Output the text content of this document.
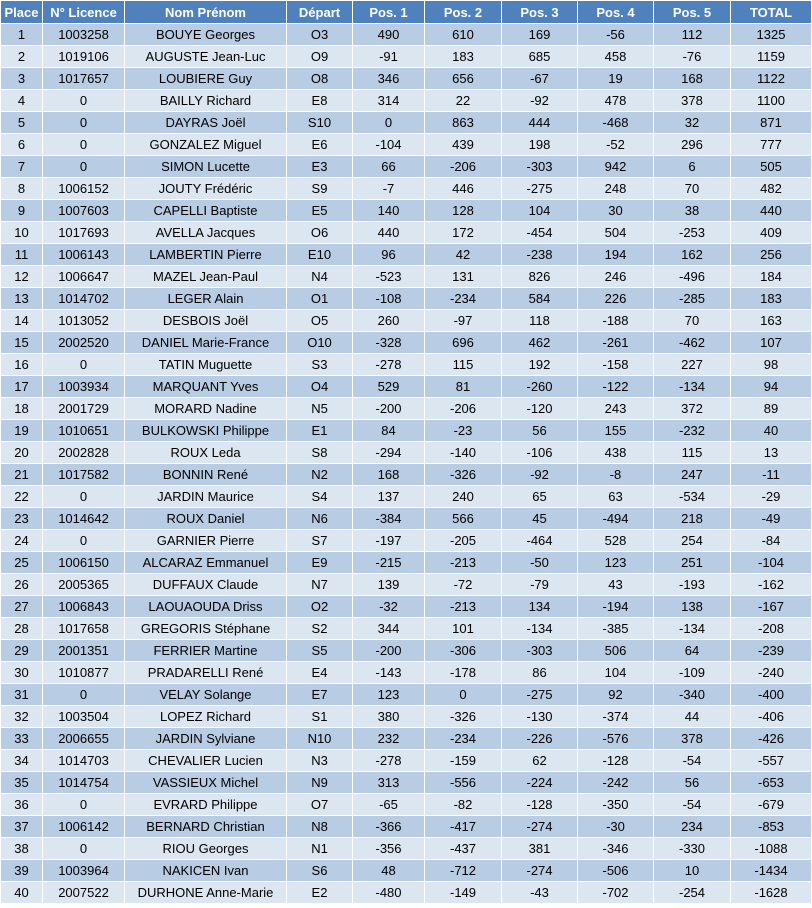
Place	N° Licence	Nom Prénom	Départ	Pos. 1	Pos. 2	Pos. 3	Pos. 4	Pos. 5	TOTAL
1	1003258	BOUYE Georges	O3	490	610	169	-56	112	1325
2	1019106	AUGUSTE Jean-Luc	O9	-91	183	685	458	-76	1159
3	1017657	LOUBIERE Guy	O8	346	656	-67	19	168	1122
4	0	BAILLY Richard	E8	314	22	-92	478	378	1100
5	0	DAYRAS Joël	S10	0	863	444	-468	32	871
6	0	GONZALEZ Miguel	E6	-104	439	198	-52	296	777
7	0	SIMON Lucette	E3	66	-206	-303	942	6	505
8	1006152	JOUTY Frédéric	S9	-7	446	-275	248	70	482
9	1007603	CAPELLI Baptiste	E5	140	128	104	30	38	440
10	1017693	AVELLA Jacques	O6	440	172	-454	504	-253	409
11	1006143	LAMBERTIN Pierre	E10	96	42	-238	194	162	256
12	1006647	MAZEL Jean-Paul	N4	-523	131	826	246	-496	184
13	1014702	LEGER Alain	O1	-108	-234	584	226	-285	183
14	1013052	DESBOIS Joël	O5	260	-97	118	-188	70	163
15	2002520	DANIEL Marie-France	O10	-328	696	462	-261	-462	107
16	0	TATIN Muguette	S3	-278	115	192	-158	227	98
17	1003934	MARQUANT Yves	O4	529	81	-260	-122	-134	94
18	2001729	MORARD Nadine	N5	-200	-206	-120	243	372	89
19	1010651	BULKOWSKI Philippe	E1	84	-23	56	155	-232	40
20	2002828	ROUX Leda	S8	-294	-140	-106	438	115	13
21	1017582	BONNIN René	N2	168	-326	-92	-8	247	-11
22	0	JARDIN Maurice	S4	137	240	65	63	-534	-29
23	1014642	ROUX Daniel	N6	-384	566	45	-494	218	-49
24	0	GARNIER Pierre	S7	-197	-205	-464	528	254	-84
25	1006150	ALCARAZ Emmanuel	E9	-215	-213	-50	123	251	-104
26	2005365	DUFFAUX Claude	N7	139	-72	-79	43	-193	-162
27	1006843	LAOUAOUDA Driss	O2	-32	-213	134	-194	138	-167
28	1017658	GREGORIS Stéphane	S2	344	101	-134	-385	-134	-208
29	2001351	FERRIER Martine	S5	-200	-306	-303	506	64	-239
30	1010877	PRADARELLI René	E4	-143	-178	86	104	-109	-240
31	0	VELAY Solange	E7	123	0	-275	92	-340	-400
32	1003504	LOPEZ Richard	S1	380	-326	-130	-374	44	-406
33	2006655	JARDIN Sylviane	N10	232	-234	-226	-576	378	-426
34	1014703	CHEVALIER Lucien	N3	-278	-159	62	-128	-54	-557
35	1014754	VASSIEUX Michel	N9	313	-556	-224	-242	56	-653
36	0	EVRARD Philippe	O7	-65	-82	-128	-350	-54	-679
37	1006142	BERNARD Christian	N8	-366	-417	-274	-30	234	-853
38	0	RIOU Georges	N1	-356	-437	381	-346	-330	-1088
39	1003964	NAKICEN Ivan	S6	48	-712	-274	-506	10	-1434
40	2007522	DURHONE Anne-Marie	E2	-480	-149	-43	-702	-254	-1628
